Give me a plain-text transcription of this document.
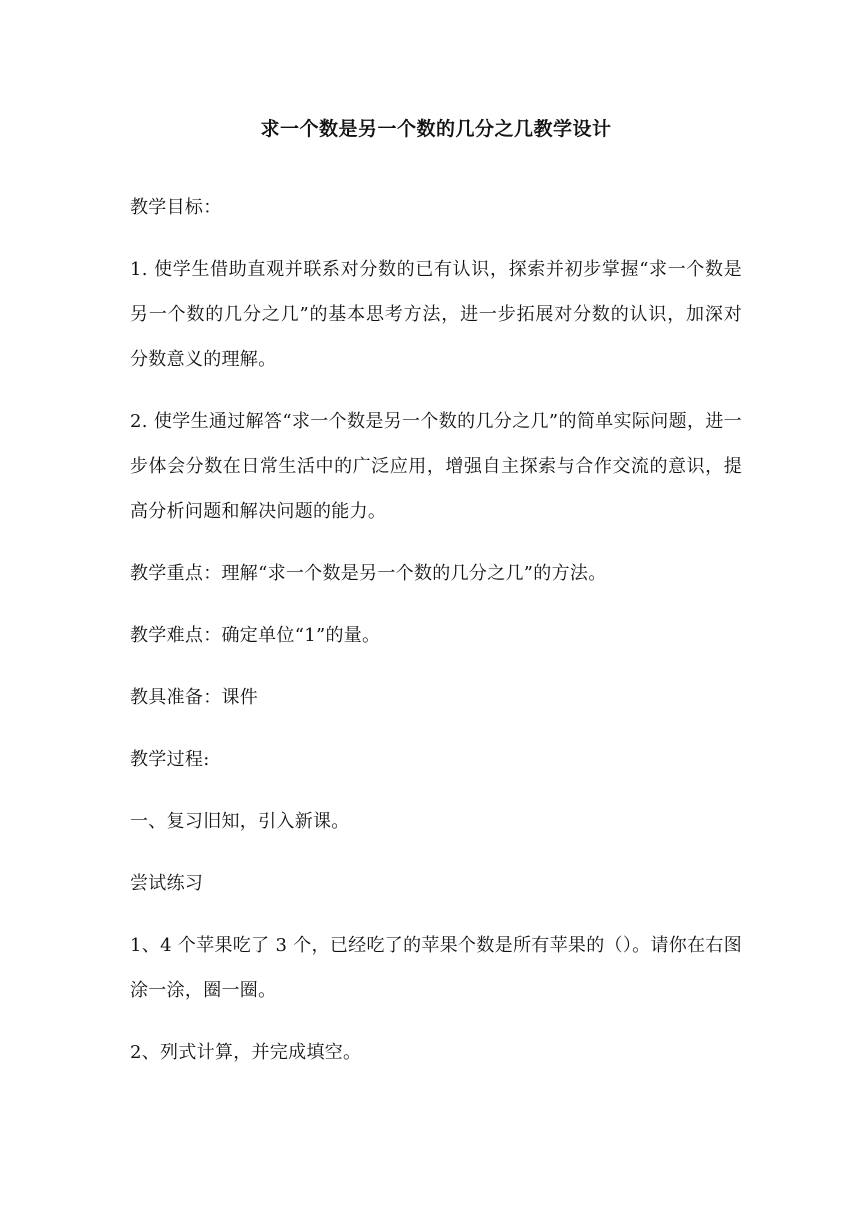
求一个数是另一个数的几分之几教学设计

教学目标：

1. 使学生借助直观并联系对分数的已有认识，探索并初步掌握“求一个数是另一个数的几分之几”的基本思考方法，进一步拓展对分数的认识，加深对分数意义的理解。

2. 使学生通过解答“求一个数是另一个数的几分之几”的简单实际问题，进一步体会分数在日常生活中的广泛应用，增强自主探索与合作交流的意识，提高分析问题和解决问题的能力。

教学重点：理解“求一个数是另一个数的几分之几”的方法。

教学难点：确定单位“1”的量。

教具准备：课件

教学过程:

一、复习旧知，引入新课。

尝试练习

1、4 个苹果吃了 3 个，已经吃了的苹果个数是所有苹果的（）。请你在右图涂一涂，圈一圈。

2、列式计算，并完成填空。
